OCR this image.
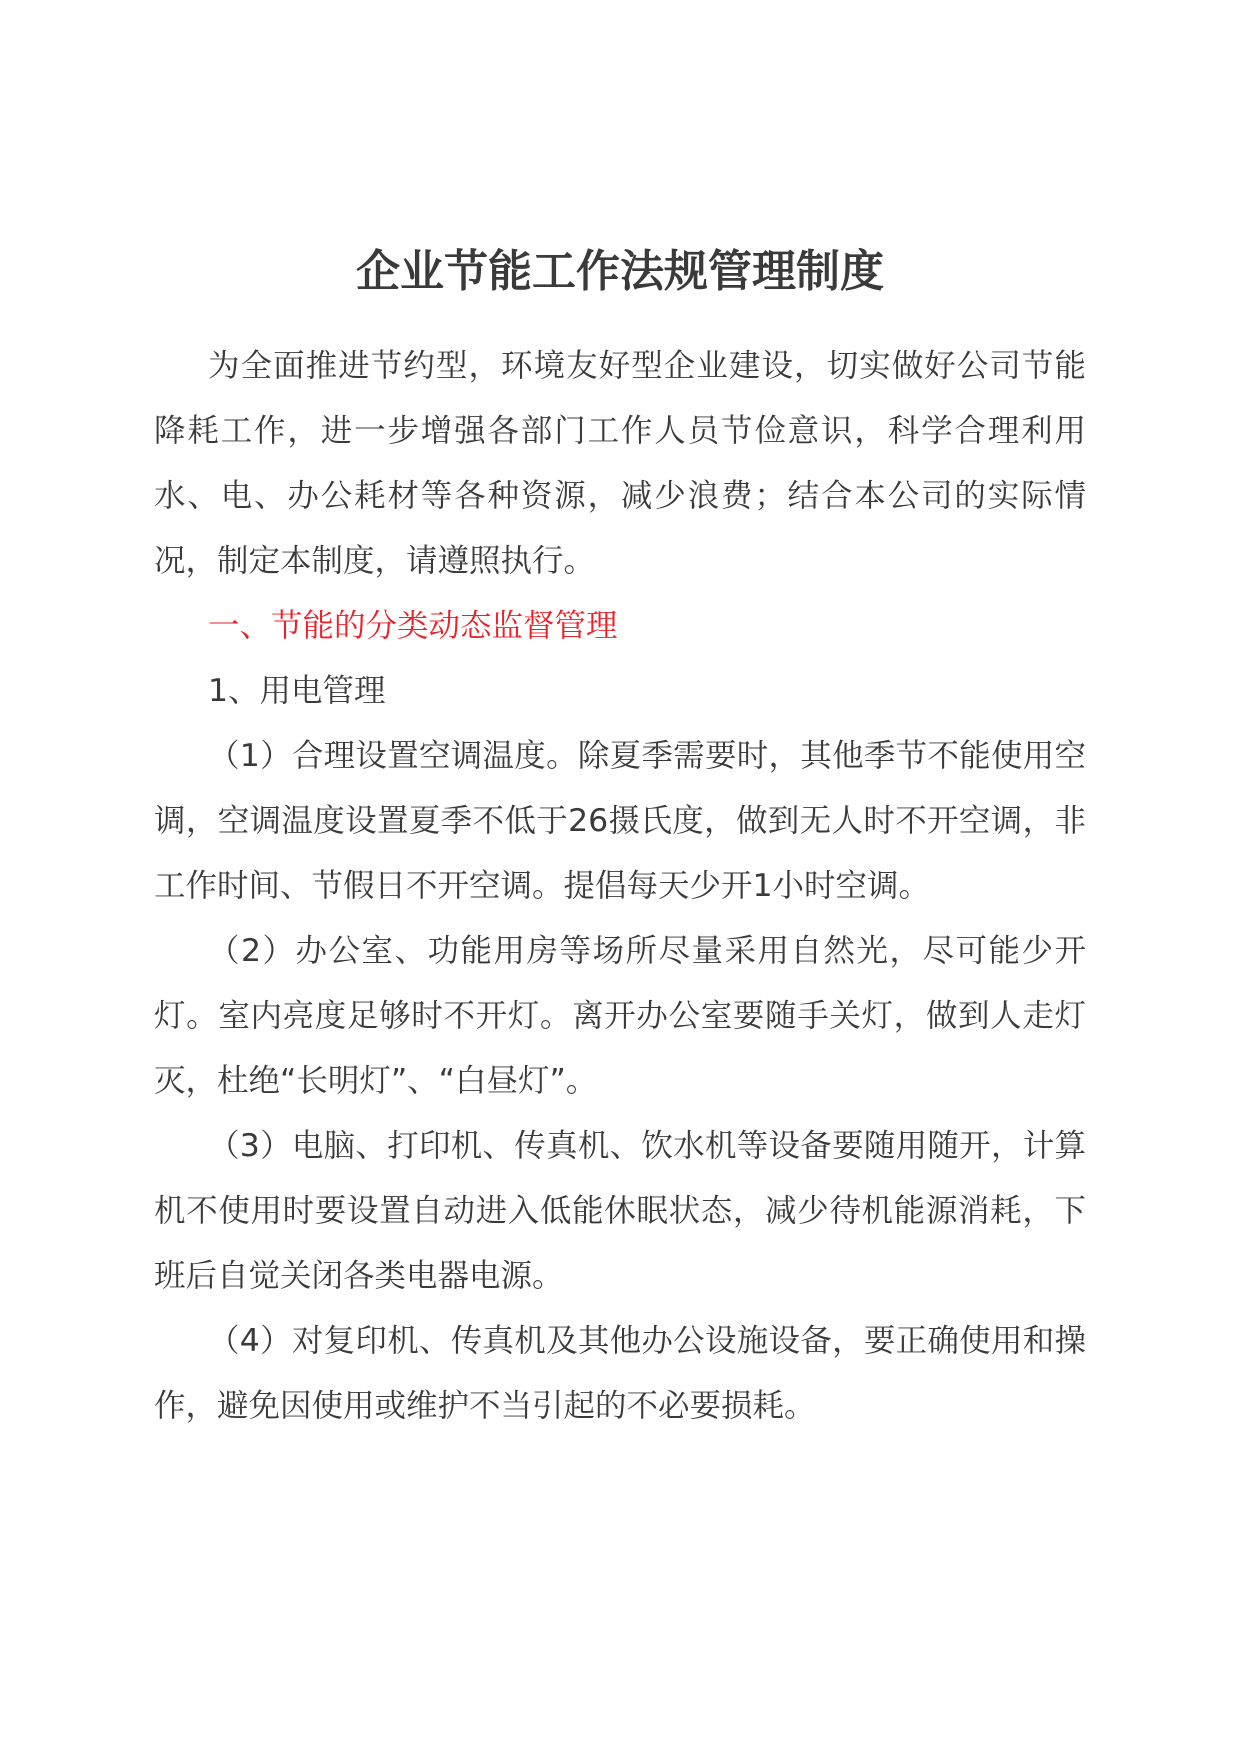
企业节能工作法规管理制度

为全面推进节约型，环境友好型企业建设，切实做好公司节能降耗工作，进一步增强各部门工作人员节俭意识，科学合理利用水、电、办公耗材等各种资源，减少浪费；结合本公司的实际情况，制定本制度，请遵照执行。

一、节能的分类动态监督管理

1、用电管理

（1）合理设置空调温度。除夏季需要时，其他季节不能使用空调，空调温度设置夏季不低于26摄氏度，做到无人时不开空调，非工作时间、节假日不开空调。提倡每天少开1小时空调。

（2）办公室、功能用房等场所尽量采用自然光，尽可能少开灯。室内亮度足够时不开灯。离开办公室要随手关灯，做到人走灯灭，杜绝“长明灯”、“白昼灯”。

（3）电脑、打印机、传真机、饮水机等设备要随用随开，计算机不使用时要设置自动进入低能休眠状态，减少待机能源消耗，下班后自觉关闭各类电器电源。

（4）对复印机、传真机及其他办公设施设备，要正确使用和操作，避免因使用或维护不当引起的不必要损耗。
